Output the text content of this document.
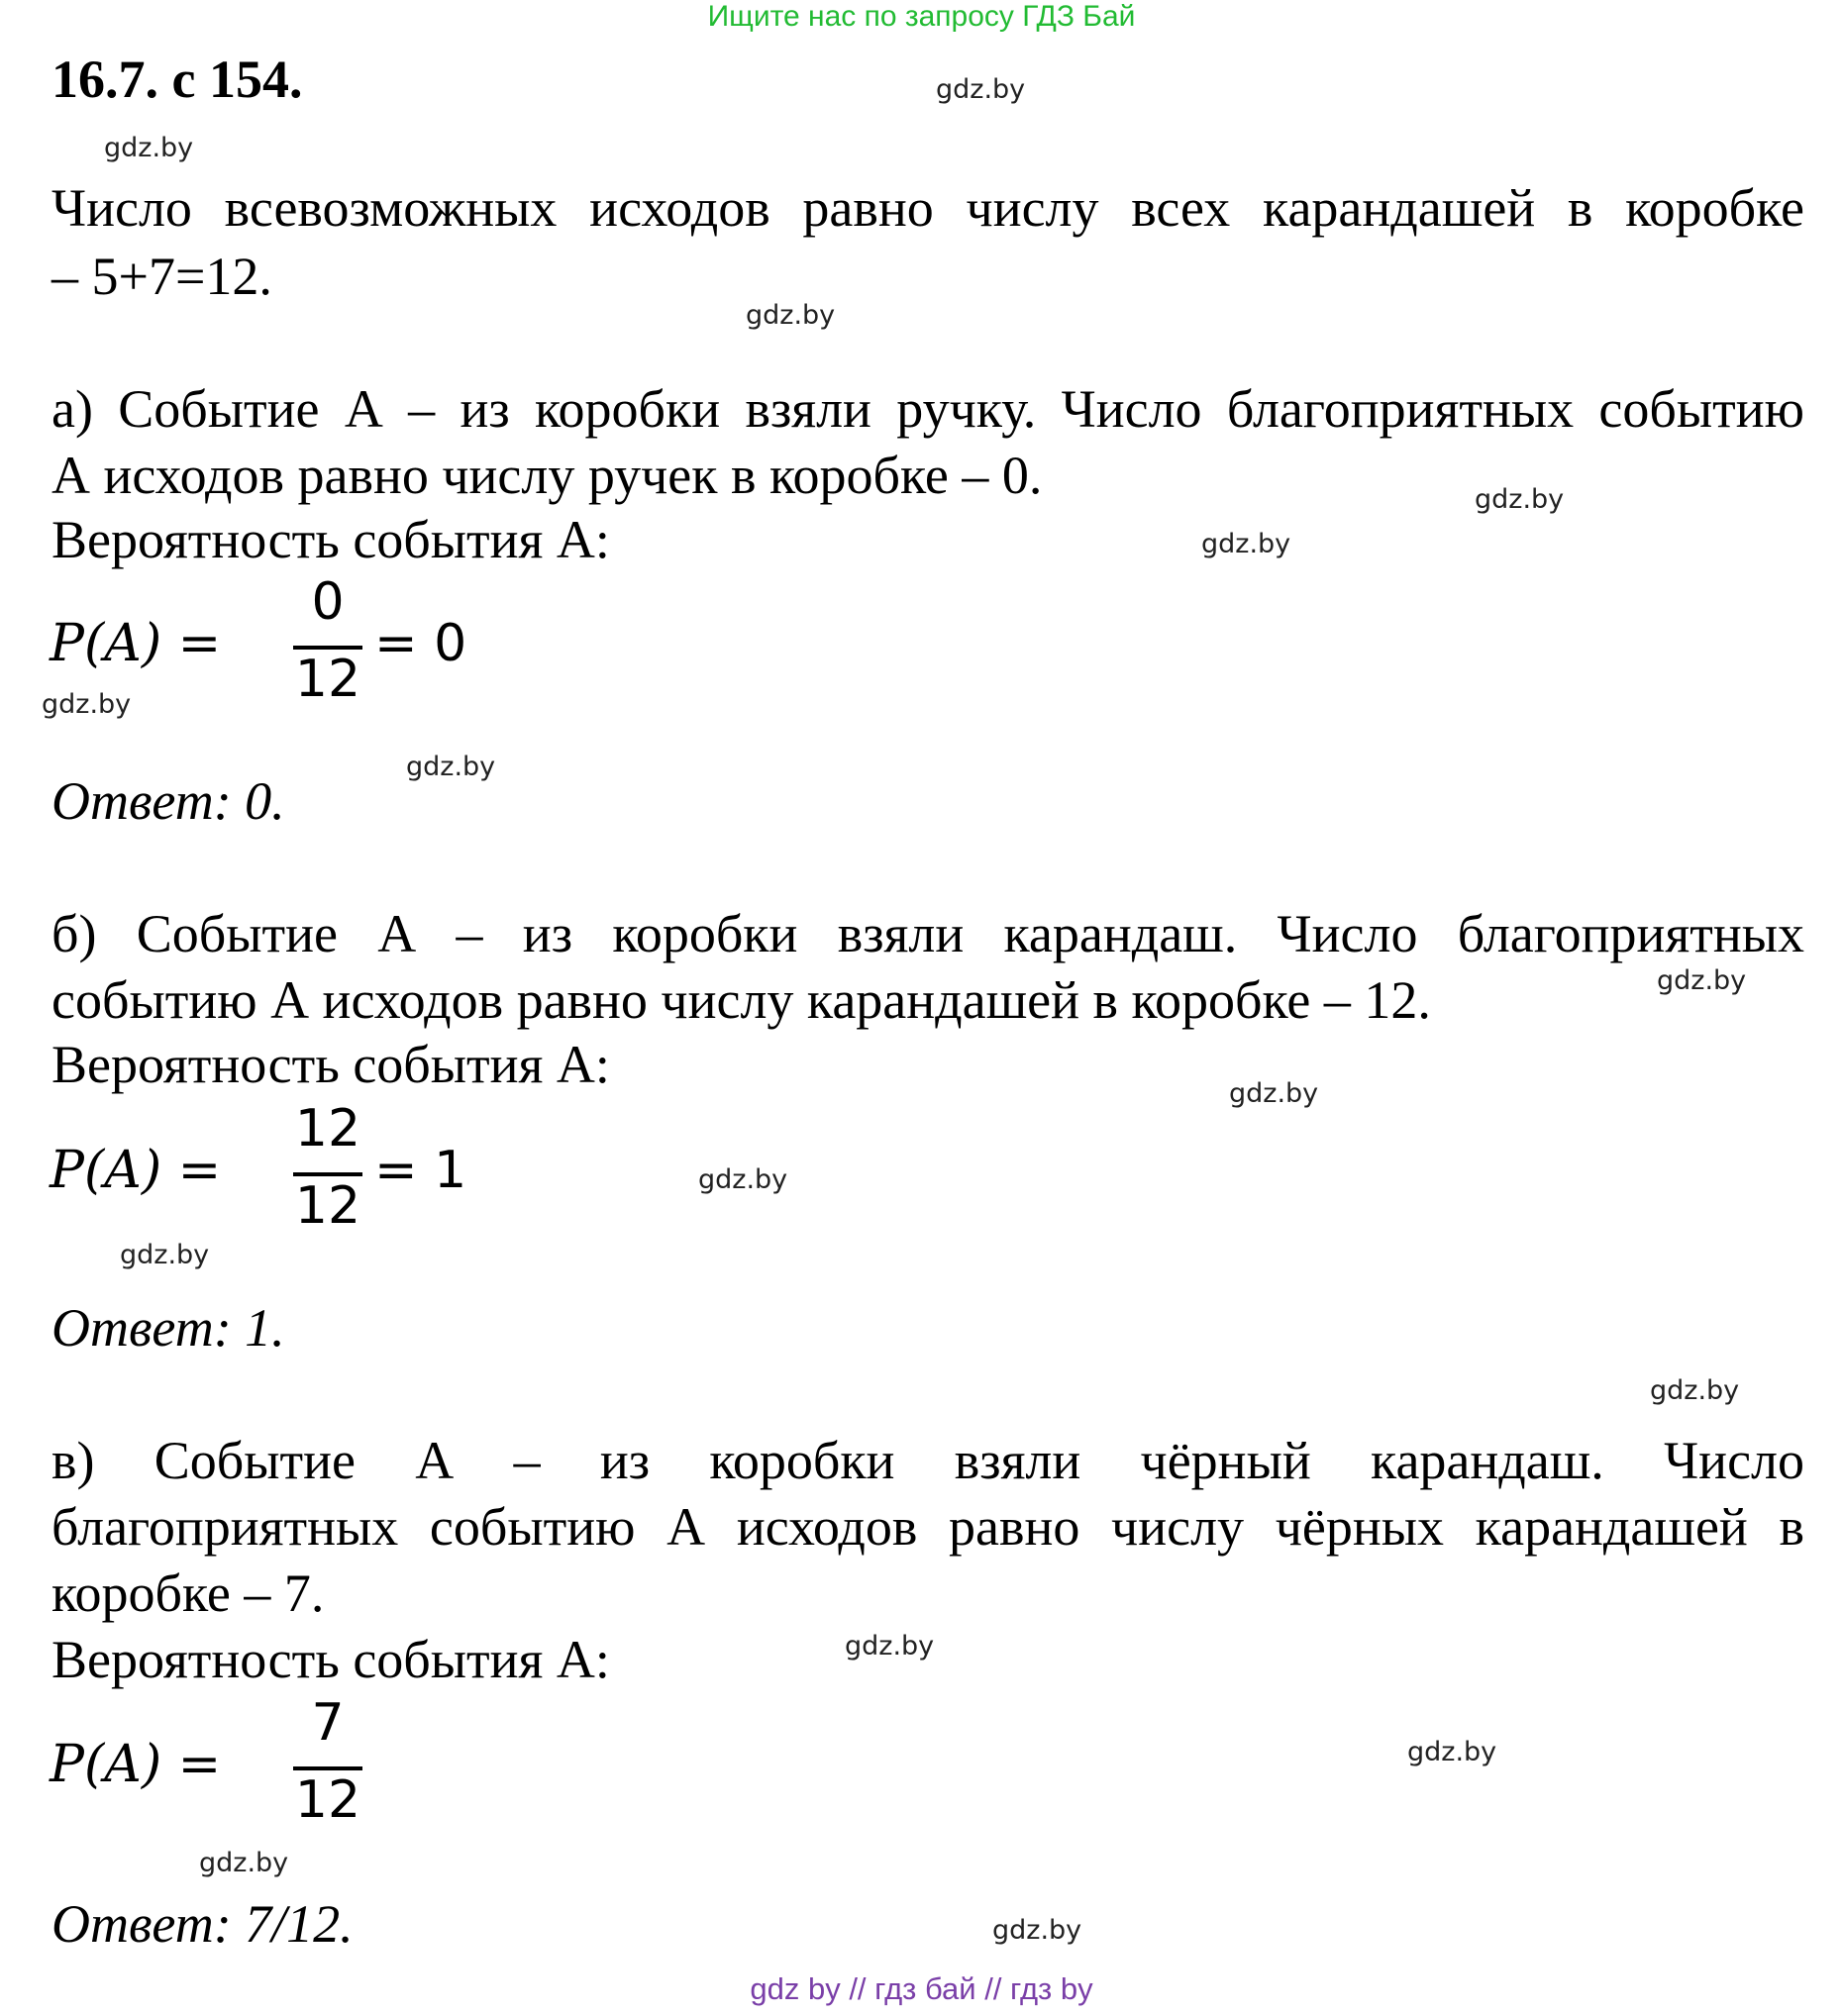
Ищите нас по запросу ГДЗ Бай
16.7. с 154.
Число всевозможных исходов равно числу всех карандашей в коробке
– 5+7=12.
а) Событие А – из коробки взяли ручку. Число благоприятных событию
А исходов равно числу ручек в коробке – 0.
Вероятность события А:
P(A) =
0
12
= 0
Ответ: 0.
б) Событие А – из коробки взяли карандаш. Число благоприятных
событию А исходов равно числу карандашей в коробке – 12.
Вероятность события А:
P(A) =
12
12
= 1
Ответ: 1.
в) Событие А – из коробки взяли чёрный карандаш. Число
благоприятных событию А исходов равно числу чёрных карандашей в
коробке – 7.
Вероятность события А:
P(A) =
7
12
Ответ: 7/12.
gdz.by
gdz.by
gdz.by
gdz.by
gdz.by
gdz.by
gdz.by
gdz.by
gdz.by
gdz.by
gdz.by
gdz.by
gdz.by
gdz.by
gdz.by
gdz.by
gdz by // гдз бай // гдз by
